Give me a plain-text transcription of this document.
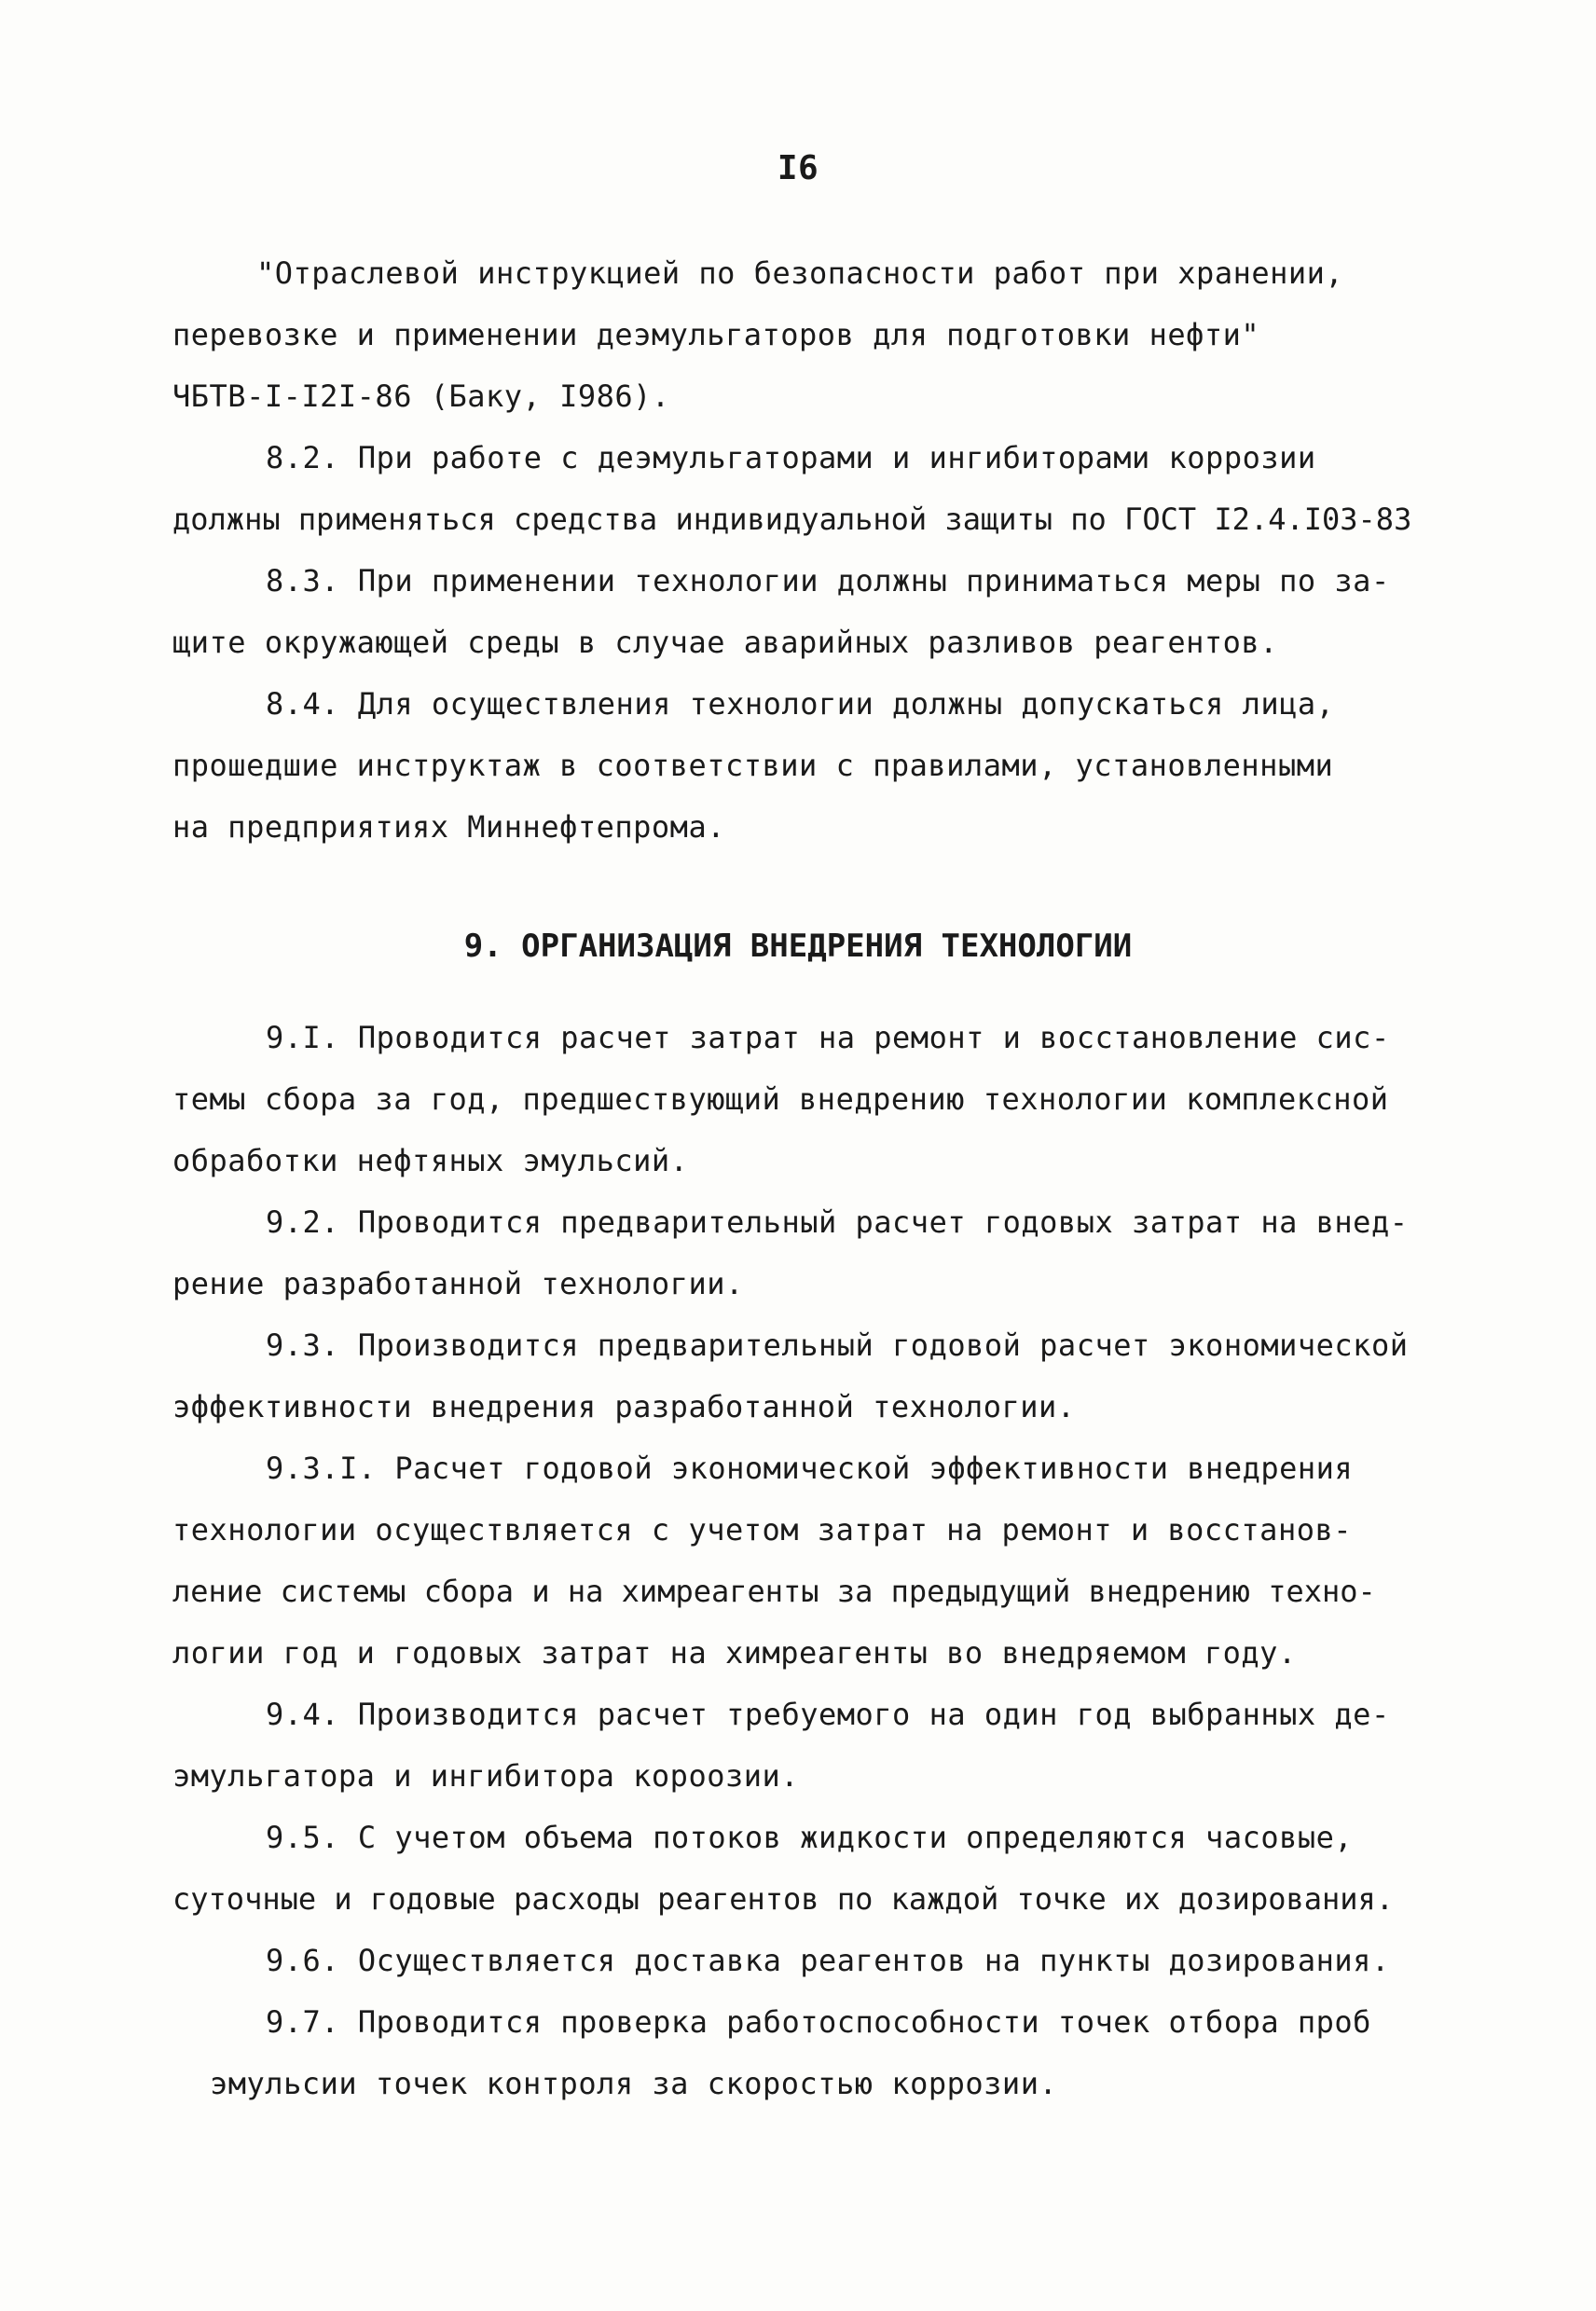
I6
"Отраслевой инструкцией по безопасности работ при хранении,
перевозке и применении деэмульгаторов для подготовки нефти"
ЧБТВ-I-I2I-86 (Баку, I986).
8.2. При работе с деэмульгаторами и ингибиторами коррозии
должны применяться средства индивидуальной защиты по ГОСТ I2.4.I03-83
8.3. При применении технологии должны приниматься меры по за-
щите окружающей среды в случае аварийных разливов реагентов.
8.4. Для осуществления технологии должны допускаться лица,
прошедшие инструктаж в соответствии с правилами, установленными
на предприятиях Миннефтепрома.
9. ОРГАНИЗАЦИЯ ВНЕДРЕНИЯ ТЕХНОЛОГИИ
9.I. Проводится расчет затрат на ремонт и восстановление сис-
темы сбора за год, предшествующий внедрению технологии комплексной
обработки нефтяных эмульсий.
9.2. Проводится предварительный расчет годовых затрат на внед-
рение разработанной технологии.
9.3. Производится предварительный годовой расчет экономической
эффективности внедрения разработанной технологии.
9.3.I. Расчет годовой экономической эффективности внедрения
технологии осуществляется с учетом затрат на ремонт и восстанов-
ление системы сбора и на химреагенты за предыдущий внедрению техно-
логии год и годовых затрат на химреагенты во внедряемом году.
9.4. Производится расчет требуемого на один год выбранных де-
эмульгатора и ингибитора короозии.
9.5. С учетом объема потоков жидкости определяются часовые,
суточные и годовые расходы реагентов по каждой точке их дозирования.
9.6. Осуществляется доставка реагентов на пункты дозирования.
9.7. Проводится проверка работоспособности точек отбора проб
эмульсии точек контроля за скоростью коррозии.
